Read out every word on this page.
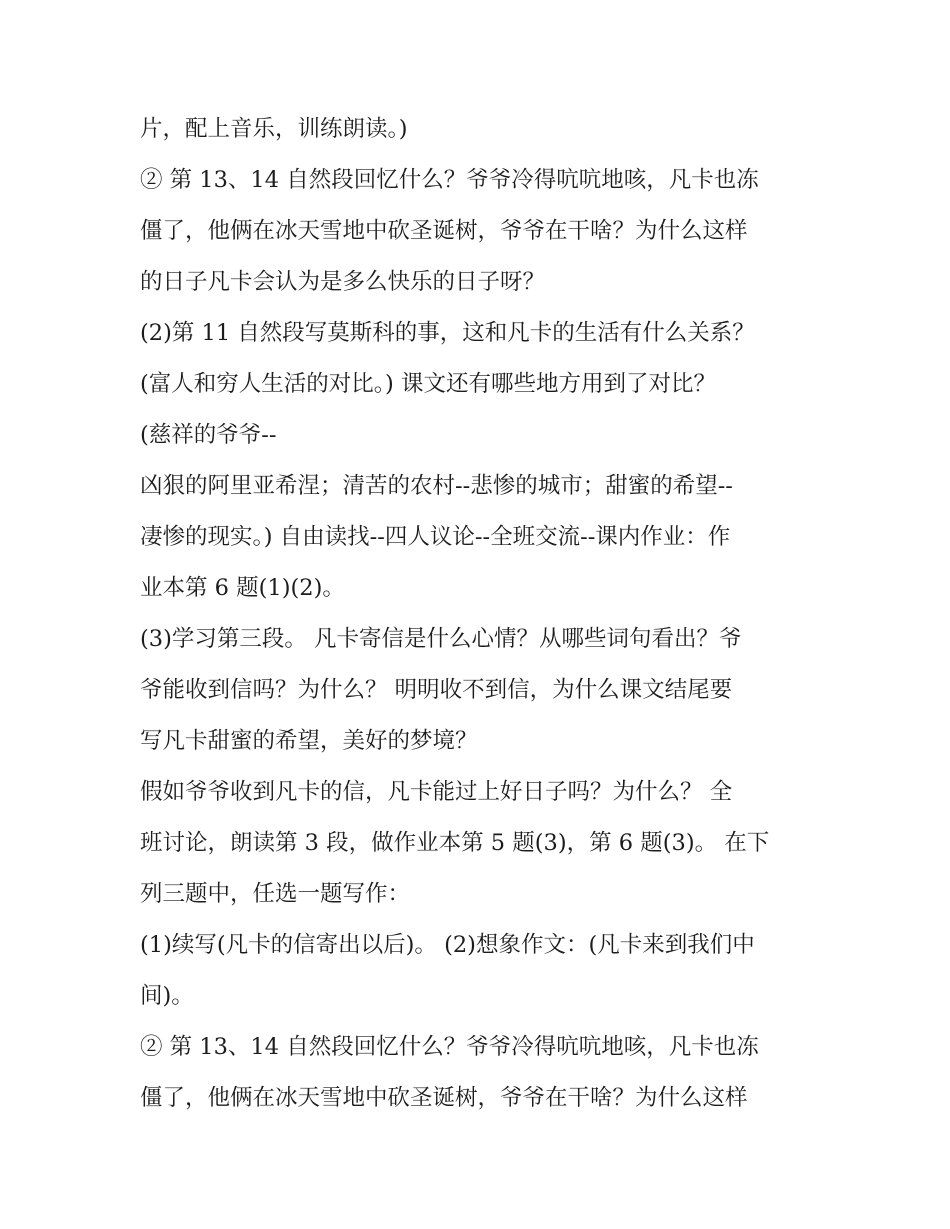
片，配上音乐，训练朗读。)
② 第 13、14 自然段回忆什么？爷爷冷得吭吭地咳，凡卡也冻
僵了，他俩在冰天雪地中砍圣诞树，爷爷在干啥？为什么这样
的日子凡卡会认为是多么快乐的日子呀？
(2)第 11 自然段写莫斯科的事，这和凡卡的生活有什么关系？
(富人和穷人生活的对比。) 课文还有哪些地方用到了对比？
(慈祥的爷爷--
凶狠的阿里亚希涅；清苦的农村--悲惨的城市；甜蜜的希望--
凄惨的现实。) 自由读找--四人议论--全班交流--课内作业：作
业本第 6 题(1)(2)。
(3)学习第三段。 凡卡寄信是什么心情？从哪些词句看出？爷
爷能收到信吗？为什么？ 明明收不到信，为什么课文结尾要
写凡卡甜蜜的希望，美好的梦境？
假如爷爷收到凡卡的信，凡卡能过上好日子吗？为什么？ 全
班讨论，朗读第 3 段，做作业本第 5 题(3)，第 6 题(3)。 在下
列三题中，任选一题写作：
(1)续写(凡卡的信寄出以后)。 (2)想象作文：(凡卡来到我们中
间)。
② 第 13、14 自然段回忆什么？爷爷冷得吭吭地咳，凡卡也冻
僵了，他俩在冰天雪地中砍圣诞树，爷爷在干啥？为什么这样
